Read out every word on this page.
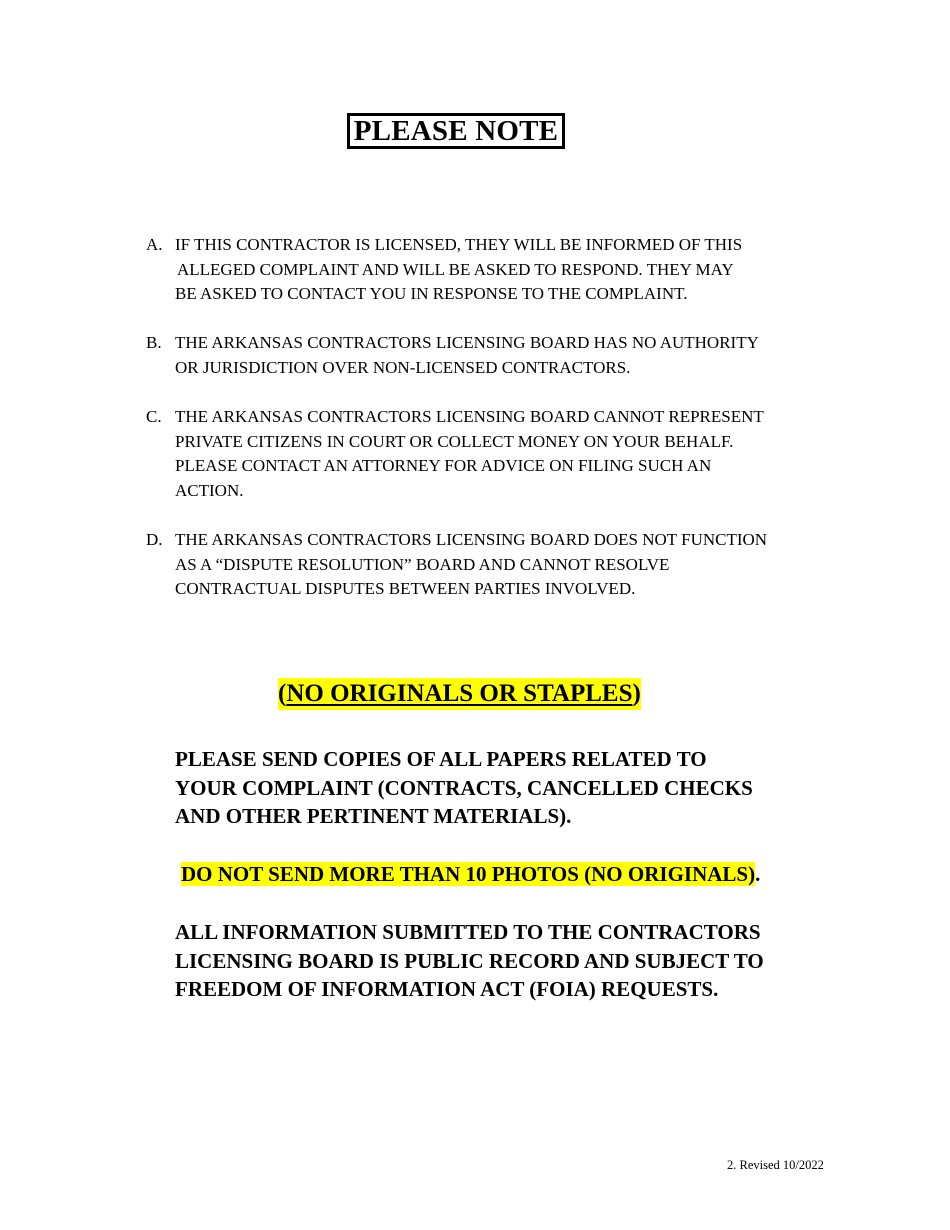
PLEASE NOTE
A. IF THIS CONTRACTOR IS LICENSED, THEY WILL BE INFORMED OF THIS
ALLEGED COMPLAINT AND WILL BE ASKED TO RESPOND. THEY MAY
BE ASKED TO CONTACT YOU IN RESPONSE TO THE COMPLAINT.
B. THE ARKANSAS CONTRACTORS LICENSING BOARD HAS NO AUTHORITY
OR JURISDICTION OVER NON-LICENSED CONTRACTORS.
C. THE ARKANSAS CONTRACTORS LICENSING BOARD CANNOT REPRESENT
PRIVATE CITIZENS IN COURT OR COLLECT MONEY ON YOUR BEHALF.
PLEASE CONTACT AN ATTORNEY FOR ADVICE ON FILING SUCH AN
ACTION.
D. THE ARKANSAS CONTRACTORS LICENSING BOARD DOES NOT FUNCTION
AS A “DISPUTE RESOLUTION” BOARD AND CANNOT RESOLVE
CONTRACTUAL DISPUTES BETWEEN PARTIES INVOLVED.
(NO ORIGINALS OR STAPLES)
PLEASE SEND COPIES OF ALL PAPERS RELATED TO
YOUR COMPLAINT (CONTRACTS, CANCELLED CHECKS
AND OTHER PERTINENT MATERIALS).
DO NOT SEND MORE THAN 10 PHOTOS (NO ORIGINALS).
ALL INFORMATION SUBMITTED TO THE CONTRACTORS
LICENSING BOARD IS PUBLIC RECORD AND SUBJECT TO
FREEDOM OF INFORMATION ACT (FOIA) REQUESTS.
2. Revised 10/2022
